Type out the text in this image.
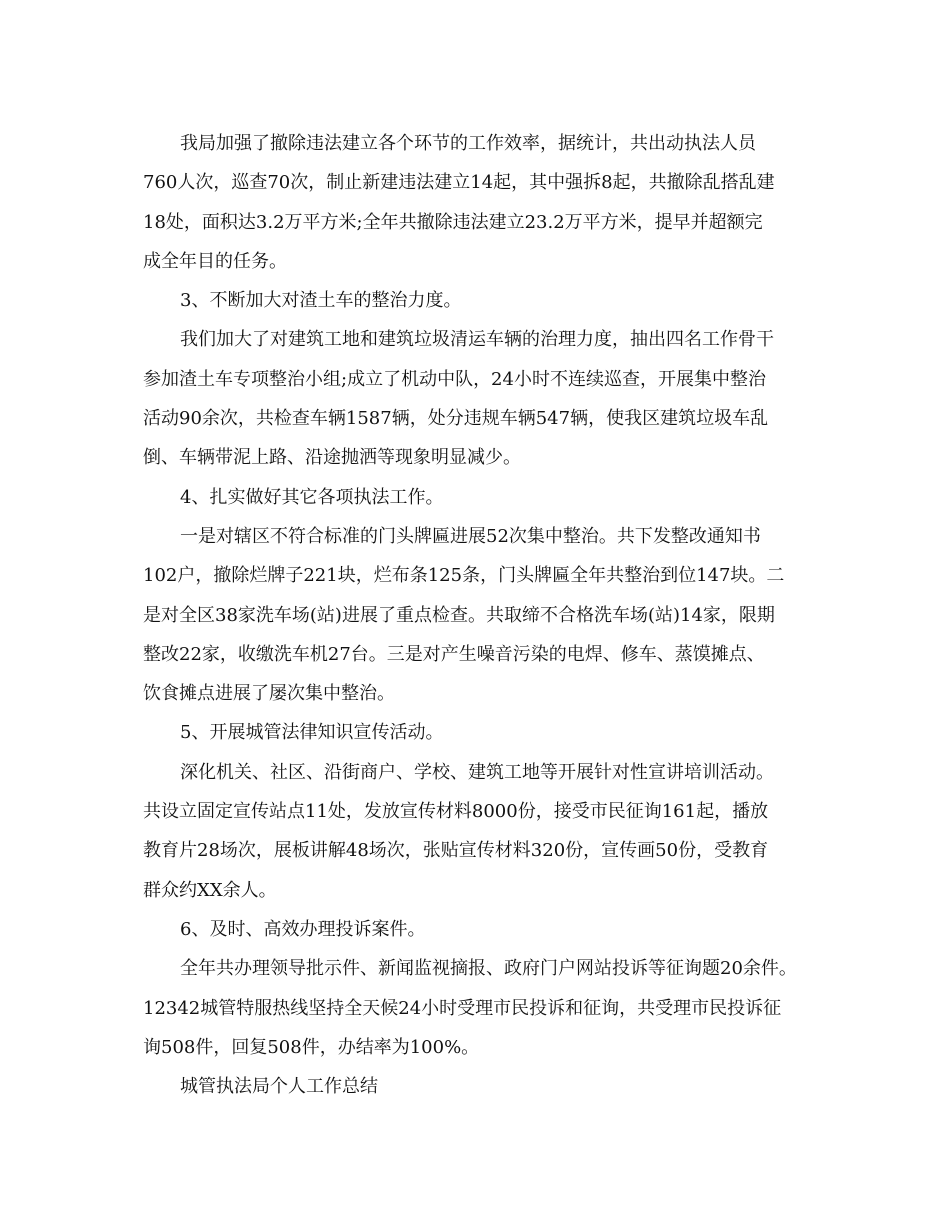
我局加强了撤除违法建立各个环节的工作效率，据统计，共出动执法人员
760人次，巡查70次，制止新建违法建立14起，其中强拆8起，共撤除乱搭乱建
18处，面积达3.2万平方米;全年共撤除违法建立23.2万平方米，提早并超额完
成全年目的任务。
3、不断加大对渣土车的整治力度。
我们加大了对建筑工地和建筑垃圾清运车辆的治理力度，抽出四名工作骨干
参加渣土车专项整治小组;成立了机动中队，24小时不连续巡查，开展集中整治
活动90余次，共检查车辆1587辆，处分违规车辆547辆，使我区建筑垃圾车乱
倒、车辆带泥上路、沿途抛洒等现象明显减少。
4、扎实做好其它各项执法工作。
一是对辖区不符合标准的门头牌匾进展52次集中整治。共下发整改通知书
102户，撤除烂牌子221块，烂布条125条，门头牌匾全年共整治到位147块。二
是对全区38家洗车场(站)进展了重点检查。共取缔不合格洗车场(站)14家，限期
整改22家，收缴洗车机27台。三是对产生噪音污染的电焊、修车、蒸馍摊点、
饮食摊点进展了屡次集中整治。
5、开展城管法律知识宣传活动。
深化机关、社区、沿街商户、学校、建筑工地等开展针对性宣讲培训活动。
共设立固定宣传站点11处，发放宣传材料8000份，接受市民征询161起，播放
教育片28场次，展板讲解48场次，张贴宣传材料320份，宣传画50份，受教育
群众约XX余人。
6、及时、高效办理投诉案件。
全年共办理领导批示件、新闻监视摘报、政府门户网站投诉等征询题20余件。
12342城管特服热线坚持全天候24小时受理市民投诉和征询，共受理市民投诉征
询508件，回复508件，办结率为100%。
城管执法局个人工作总结
